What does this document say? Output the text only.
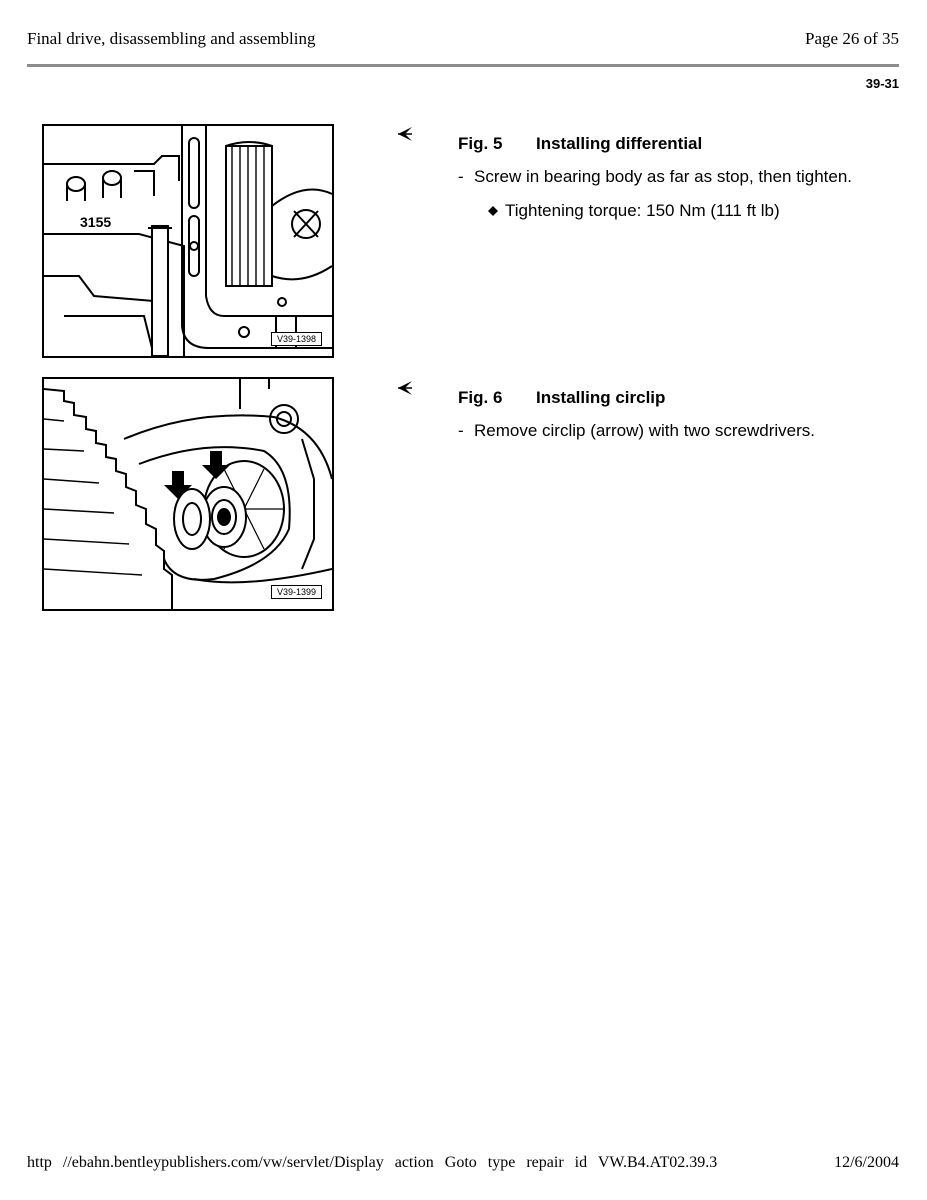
Final drive, disassembling and assembling	Page 26 of 35
39-31
3155
V39-1398
Fig. 5 Installing differential
- Screw in bearing body as far as stop, then tighten.
Tightening torque: 150 Nm (111 ft lb)
V39-1399
Fig. 6 Installing circlip
- Remove circlip (arrow) with two screwdrivers.
http //ebahn.bentleypublishers.com/vw/servlet/Display action Goto type repair id VW.B4.AT02.39.3	12/6/2004
